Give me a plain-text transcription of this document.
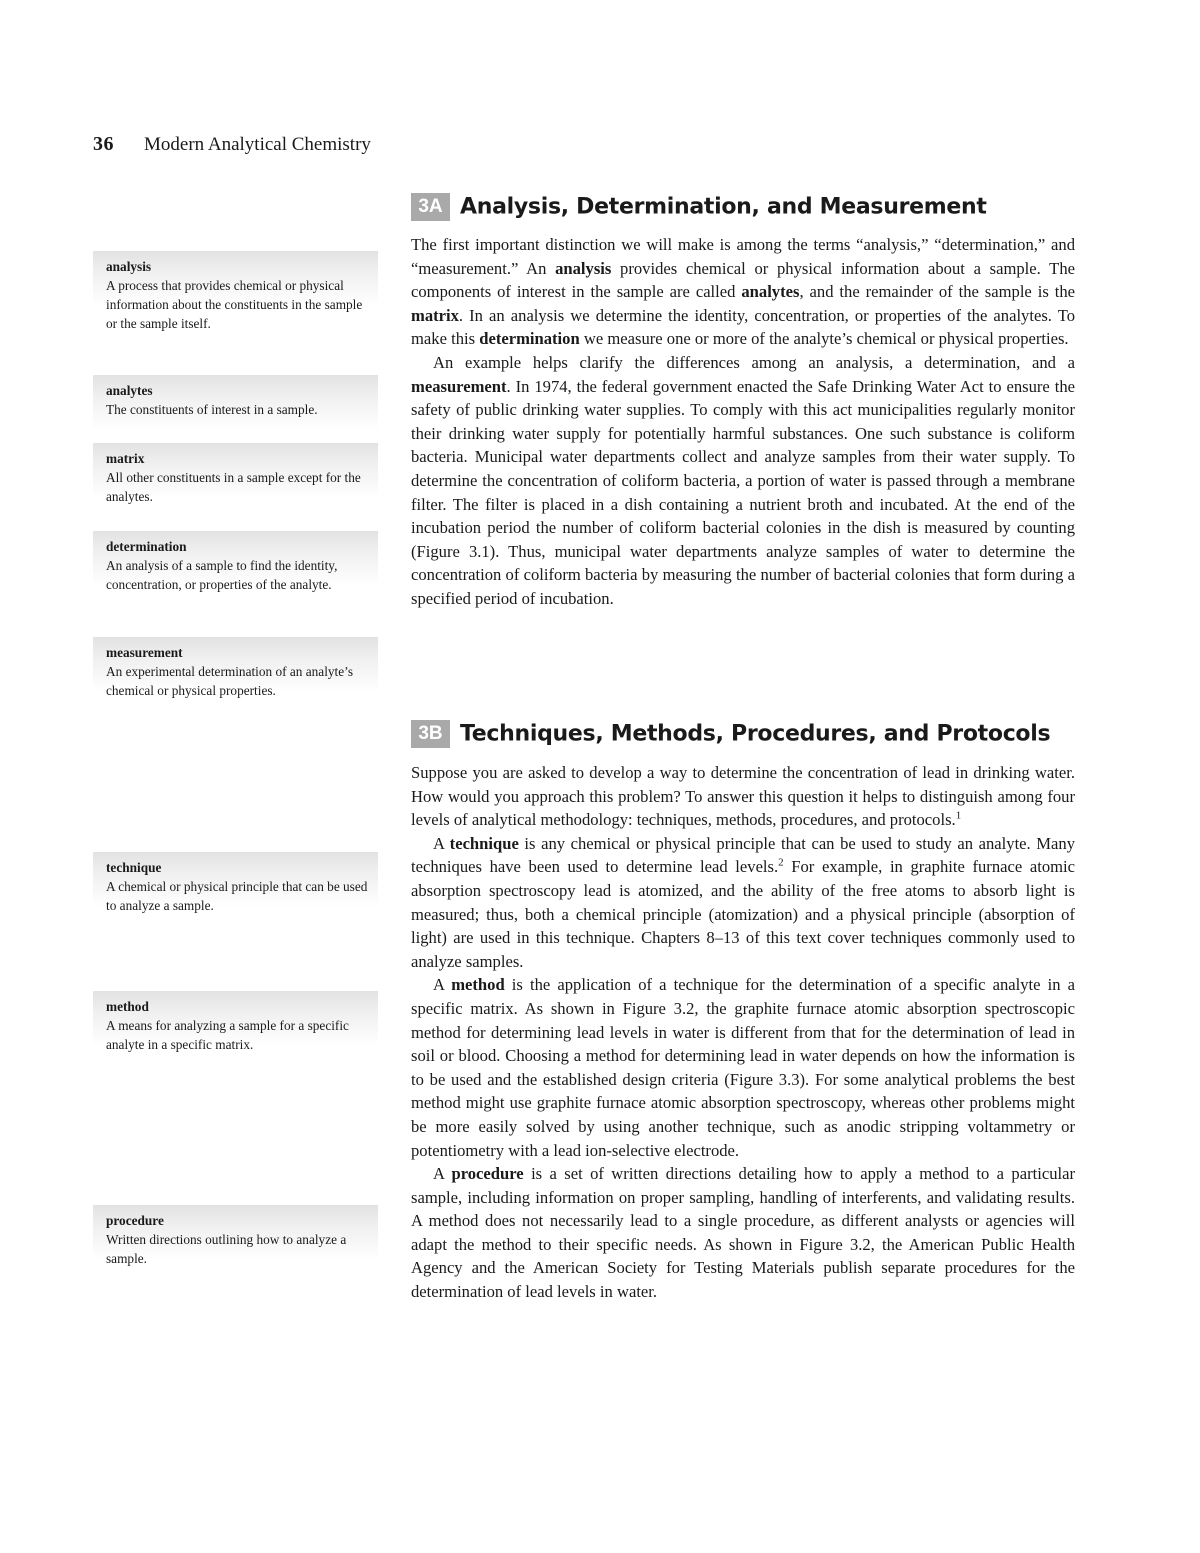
36 Modern Analytical Chemistry
analysis
A process that provides chemical or physical information about the constituents in the sample or the sample itself.
analytes
The constituents of interest in a sample.
matrix
All other constituents in a sample except for the analytes.
determination
An analysis of a sample to find the identity, concentration, or properties of the analyte.
measurement
An experimental determination of an analyte’s chemical or physical properties.
technique
A chemical or physical principle that can be used to analyze a sample.
method
A means for analyzing a sample for a specific analyte in a specific matrix.
procedure
Written directions outlining how to analyze a sample.
3A Analysis, Determination, and Measurement

The first important distinction we will make is among the terms “analysis,” “determination,” and “measurement.” An analysis provides chemical or physical information about a sample. The components of interest in the sample are called analytes, and the remainder of the sample is the matrix. In an analysis we determine the identity, concentration, or properties of the analytes. To make this determination we measure one or more of the analyte’s chemical or physical properties.

An example helps clarify the differences among an analysis, a determination, and a measurement. In 1974, the federal government enacted the Safe Drinking Water Act to ensure the safety of public drinking water supplies. To comply with this act municipalities regularly monitor their drinking water supply for potentially harmful substances. One such substance is coliform bacteria. Municipal water departments collect and analyze samples from their water supply. To determine the concentration of coliform bacteria, a portion of water is passed through a membrane filter. The filter is placed in a dish containing a nutrient broth and incubated. At the end of the incubation period the number of coliform bacterial colonies in the dish is measured by counting (Figure 3.1). Thus, municipal water departments analyze samples of water to determine the concentration of coliform bacteria by measuring the number of bacterial colonies that form during a specified period of incubation.

3B Techniques, Methods, Procedures, and Protocols

Suppose you are asked to develop a way to determine the concentration of lead in drinking water. How would you approach this problem? To answer this question it helps to distinguish among four levels of analytical methodology: techniques, methods, procedures, and protocols.$^1$

A technique is any chemical or physical principle that can be used to study an analyte. Many techniques have been used to determine lead levels.$^2$ For example, in graphite furnace atomic absorption spectroscopy lead is atomized, and the ability of the free atoms to absorb light is measured; thus, both a chemical principle (atomization) and a physical principle (absorption of light) are used in this technique. Chapters 8–13 of this text cover techniques commonly used to analyze samples.

A method is the application of a technique for the determination of a specific analyte in a specific matrix. As shown in Figure 3.2, the graphite furnace atomic absorption spectroscopic method for determining lead levels in water is different from that for the determination of lead in soil or blood. Choosing a method for determining lead in water depends on how the information is to be used and the established design criteria (Figure 3.3). For some analytical problems the best method might use graphite furnace atomic absorption spectroscopy, whereas other problems might be more easily solved by using another technique, such as anodic stripping voltammetry or potentiometry with a lead ion-selective electrode.

A procedure is a set of written directions detailing how to apply a method to a particular sample, including information on proper sampling, handling of interferents, and validating results. A method does not necessarily lead to a single procedure, as different analysts or agencies will adapt the method to their specific needs. As shown in Figure 3.2, the American Public Health Agency and the American Society for Testing Materials publish separate procedures for the determination of lead levels in water.
